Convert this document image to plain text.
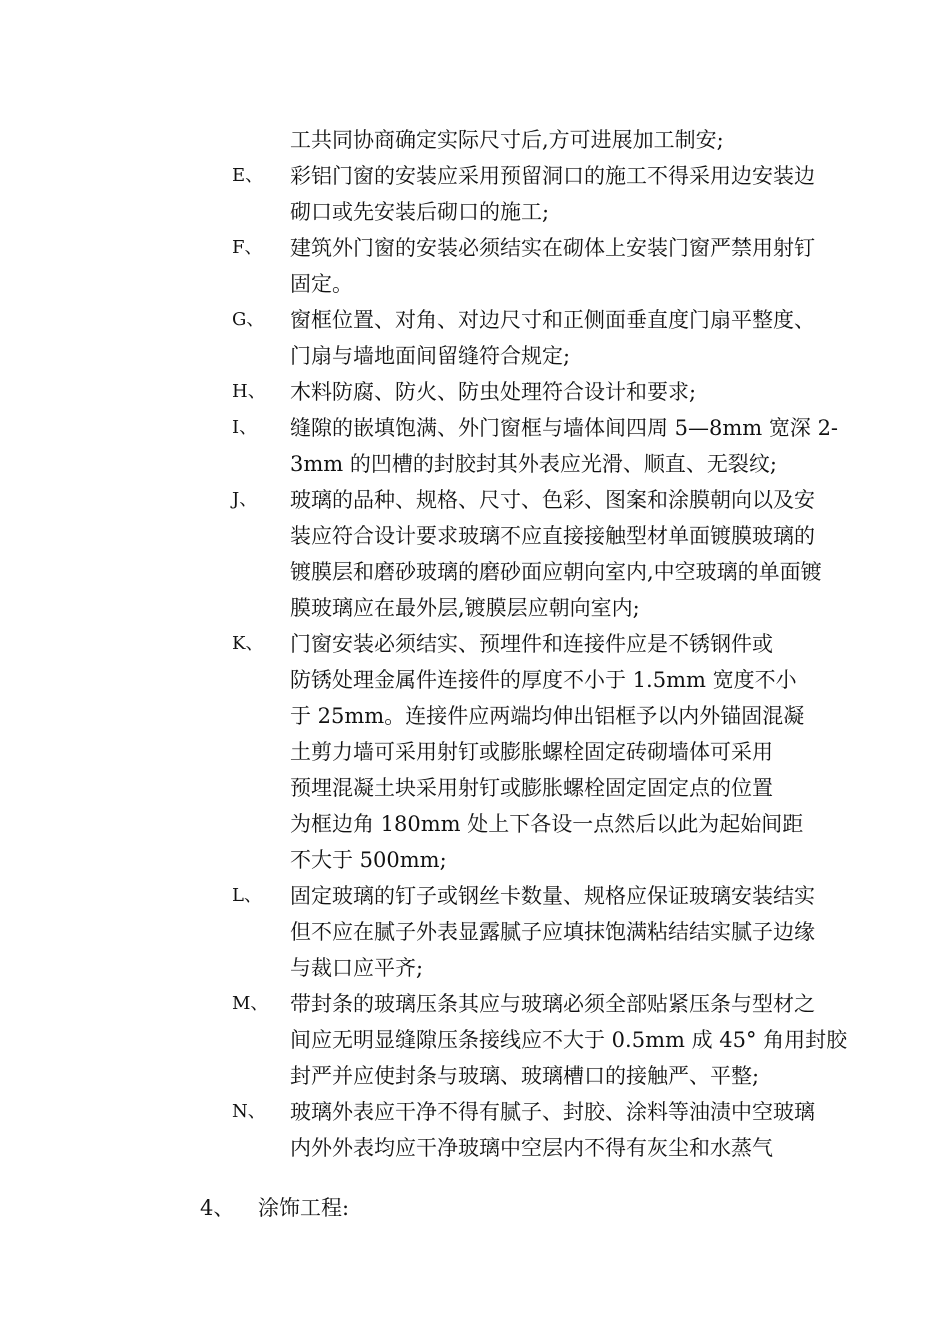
工共同协商确定实际尺寸后,方可进展加工制安;
E、 彩铝门窗的安装应采用预留洞口的施工不得采用边安装边
砌口或先安装后砌口的施工;
F、 建筑外门窗的安装必须结实在砌体上安装门窗严禁用射钉
固定。
G、 窗框位置、对角、对边尺寸和正侧面垂直度门扇平整度、
门扇与墙地面间留缝符合规定;
H、 木料防腐、防火、防虫处理符合设计和要求;
I、 缝隙的嵌填饱满、外门窗框与墙体间四周 5—8mm 宽深 2-
3mm 的凹槽的封胶封其外表应光滑、顺直、无裂纹;
J、 玻璃的品种、规格、尺寸、色彩、图案和涂膜朝向以及安
装应符合设计要求玻璃不应直接接触型材单面镀膜玻璃的
镀膜层和磨砂玻璃的磨砂面应朝向室内,中空玻璃的单面镀
膜玻璃应在最外层,镀膜层应朝向室内;
K、 门窗安装必须结实、预埋件和连接件应是不锈钢件或
防锈处理金属件连接件的厚度不小于 1.5mm 宽度不小
于 25mm。连接件应两端均伸出铝框予以内外锚固混凝
土剪力墙可采用射钉或膨胀螺栓固定砖砌墙体可采用
预埋混凝土块采用射钉或膨胀螺栓固定固定点的位置
为框边角 180mm 处上下各设一点然后以此为起始间距
不大于 500mm;
L、 固定玻璃的钉子或钢丝卡数量、规格应保证玻璃安装结实
但不应在腻子外表显露腻子应填抹饱满粘结结实腻子边缘
与裁口应平齐;
M、 带封条的玻璃压条其应与玻璃必须全部贴紧压条与型材之
间应无明显缝隙压条接线应不大于 0.5mm 成 45° 角用封胶
封严并应使封条与玻璃、玻璃槽口的接触严、平整;
N、 玻璃外表应干净不得有腻子、封胶、涂料等油渍中空玻璃
内外外表均应干净玻璃中空层内不得有灰尘和水蒸气
4、 涂饰工程:
